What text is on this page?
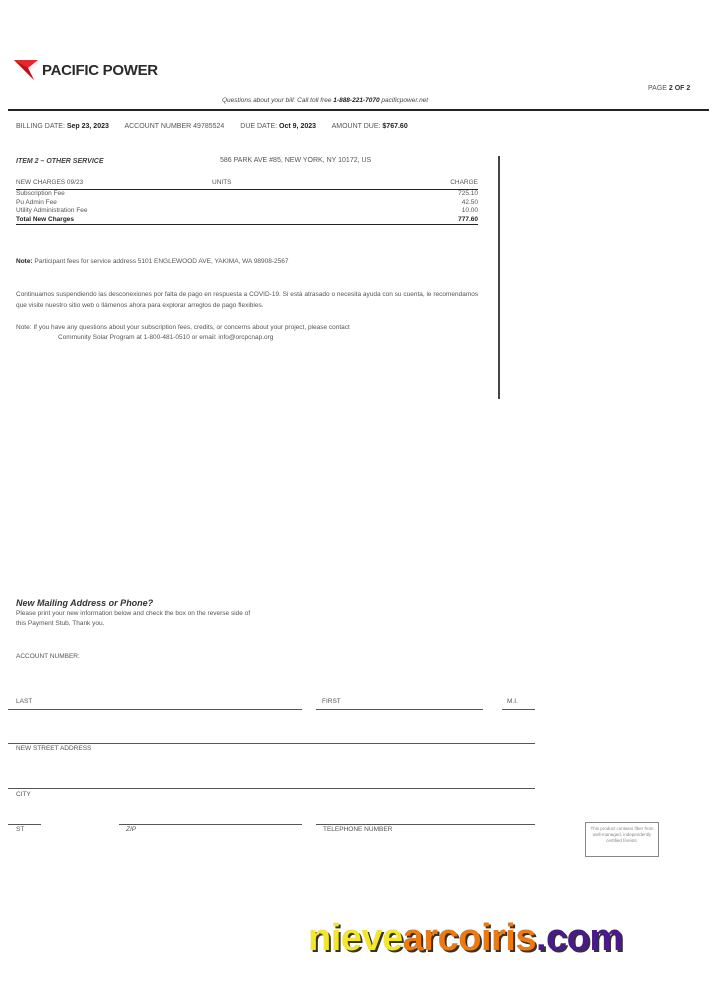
PACIFIC POWER
PAGE 2 OF 2
Questions about your bill: Call toll free 1-888-221-7070 pacificpower.net
BILLING DATE: Sep 23, 2023 ACCOUNT NUMBER 49785524 DUE DATE: Oct 9, 2023 AMOUNT DUE: $767.60
ITEM 2 – OTHER SERVICE	586 PARK AVE #85, NEW YORK, NY 10172, US
NEW CHARGES 09/23	UNITS	CHARGE
Subscription Fee	725.10
Pu Admin Fee	42.50
Utility Administration Fee	10.00
Total New Charges	777.60
Note: Participant fees for service address 5101 ENGLEWOOD AVE, YAKIMA, WA 98908-2567
Continuamos suspendiendo las desconexiones por falta de pago en respuesta a COVID-19. Si está atrasado o necesita ayuda con su cuenta, le recomendamos que visite nuestro sitio web o llámenos ahora para explorar arreglos de pago flexibles.
Note: If you have any questions about your subscription fees, credits, or concerns about your project, please contact
Community Solar Program at 1-800-481-0510 or email: info@orcpcnap.org
New Mailing Address or Phone?
Please print your new information below and check the box on the reverse side of this Payment Stub. Thank you.
ACCOUNT NUMBER:
LAST	FIRST	M.I.
NEW STREET ADDRESS
CITY
ST	ZIP	TELEPHONE NUMBER	This product contains fiber from well-managed, independently certified forests.
nievearcoiris.com
